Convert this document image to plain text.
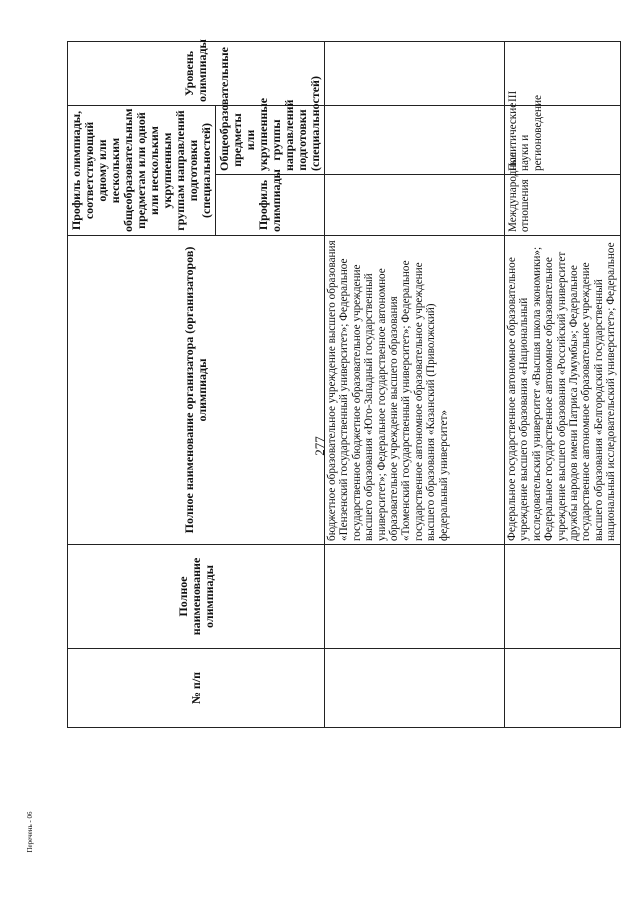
277
№ п/п	Полное наименование олимпиады	Полное наименование организатора (организаторов) олимпиады	Профиль олимпиады, соответствующий одному или нескольким общеобразовательным предметам или одной или нескольким укрупненным группам направлений подготовки (специальностей)		Уровень олимпиады
			Профиль олимпиады	Общеобразовательные предметы или укрупненные группы направлений подготовки (специальностей)	

		бюджетное образовательное учреждение высшего образования «Пензенский государственный университет»; Федеральное государственное бюджетное образовательное учреждение высшего образования «Юго-Западный государственный университет»; Федеральное государственное автономное образовательное учреждение высшего образования «Тюменский государственный университет»; Федеральное государственное автономное образовательное учреждение высшего образования «Казанский (Приволжский) федеральный университет»			

		Федеральное государственное автономное образовательное учреждение высшего образования «Национальный исследовательский университет «Высшая школа экономики»; Федеральное государственное автономное образовательное учреждение высшего образования «Российский университет дружбы народов имени Патриса Лумумбы»; Федеральное государственное автономное образовательное учреждение высшего образования «Белгородский государственный национальный исследовательский университет»; Федеральное	Международные отношения	Политические науки и регионоведение	III
Перечень - 06
